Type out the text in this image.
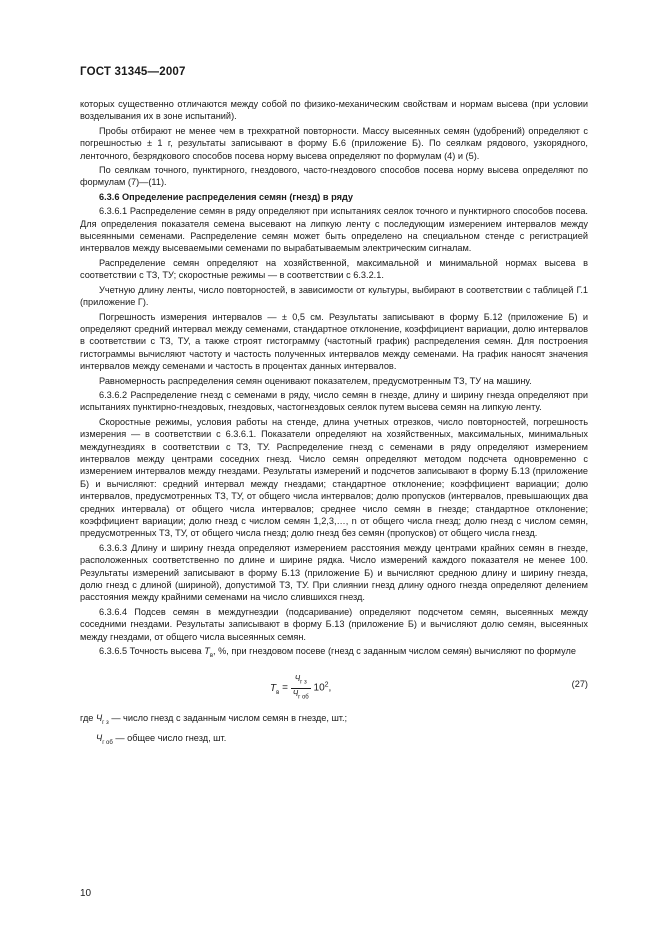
ГОСТ 31345—2007

которых существенно отличаются между собой по физико-механическим свойствам и нормам высева (при условии возделывания их в зоне испытаний).

Пробы отбирают не менее чем в трехкратной повторности. Массу высеянных семян (удобрений) определяют с погрешностью ± 1 г, результаты записывают в форму Б.6 (приложение Б). По сеялкам рядового, узкорядного, ленточного, безрядкового способов посева норму высева определяют по формулам (4) и (5).

По сеялкам точного, пунктирного, гнездового, часто-гнездового способов посева норму высева определяют по формулам (7)—(11).

6.3.6 Определение распределения семян (гнезд) в ряду

6.3.6.1 Распределение семян в ряду определяют при испытаниях сеялок точного и пунктирного способов посева. Для определения показателя семена высевают на липкую ленту с последующим измерением интервалов между высеянными семенами. Распределение семян может быть определено на специальном стенде с регистрацией интервалов между высеваемыми семенами по вырабатываемым электрическим сигналам.

Распределение семян определяют на хозяйственной, максимальной и минимальной нормах высева в соответствии с ТЗ, ТУ; скоростные режимы — в соответствии с 6.3.2.1.

Учетную длину ленты, число повторностей, в зависимости от культуры, выбирают в соответствии с таблицей Г.1 (приложение Г).

Погрешность измерения интервалов — ± 0,5 см. Результаты записывают в форму Б.12 (приложение Б) и определяют средний интервал между семенами, стандартное отклонение, коэффициент вариации, долю интервалов в соответствии с ТЗ, ТУ, а также строят гистограмму (частотный график) распределения семян. Для построения гистограммы вычисляют частоту и частость полученных интервалов между семенами. На график наносят значения интервалов между семенами и частость в процентах данных интервалов.

Равномерность распределения семян оценивают показателем, предусмотренным ТЗ, ТУ на машину.

6.3.6.2 Распределение гнезд с семенами в ряду, число семян в гнезде, длину и ширину гнезда определяют при испытаниях пунктирно-гнездовых, гнездовых, частогнездовых сеялок путем высева семян на липкую ленту.

Скоростные режимы, условия работы на стенде, длина учетных отрезков, число повторностей, погрешность измерения — в соответствии с 6.3.6.1. Показатели определяют на хозяйственных, максимальных, минимальных междугнездиях в соответствии с ТЗ, ТУ. Распределение гнезд с семенами в ряду определяют измерением интервалов между центрами соседних гнезд. Число семян определяют методом подсчета одновременно с измерением интервалов между гнездами. Результаты измерений и подсчетов записывают в форму Б.13 (приложение Б) и вычисляют: средний интервал между гнездами; стандартное отклонение; коэффициент вариации; долю интервалов, предусмотренных ТЗ, ТУ, от общего числа интервалов; долю пропусков (интервалов, превышающих два средних интервала) от общего числа интервалов; среднее число семян в гнезде; стандартное отклонение; коэффициент вариации; долю гнезд с числом семян 1,2,3,…, n от общего числа гнезд; долю гнезд с числом семян, предусмотренных ТЗ, ТУ, от общего числа гнезд; долю гнезд без семян (пропусков) от общего числа гнезд.

6.3.6.3 Длину и ширину гнезда определяют измерением расстояния между центрами крайних семян в гнезде, расположенных соответственно по длине и ширине рядка. Число измерений каждого показателя не менее 100. Результаты измерений записывают в форму Б.13 (приложение Б) и вычисляют среднюю длину и ширину гнезда, долю гнезд с длиной (шириной), допустимой ТЗ, ТУ. При слиянии гнезд длину одного гнезда определяют делением расстояния между крайними семенами на число слившихся гнезд.

6.3.6.4 Подсев семян в междугнездии (подсаривание) определяют подсчетом семян, высеянных между соседними гнездами. Результаты записывают в форму Б.13 (приложение Б) и вычисляют долю семян, высеянных между гнездами, от общего числа высеянных семян.

6.3.6.5 Точность высева $Т_в$, %, при гнездовом посеве (гнезд с заданным числом семян) вычисляют по формуле

$Т_в = \frac{Ч_{г з}}{Ч_{г об}} 10^2$,	(27)

где $Ч_{г з}$ — число гнезд с заданным числом семян в гнезде, шт.;

$Ч_{г об}$ — общее число гнезд, шт.

10
